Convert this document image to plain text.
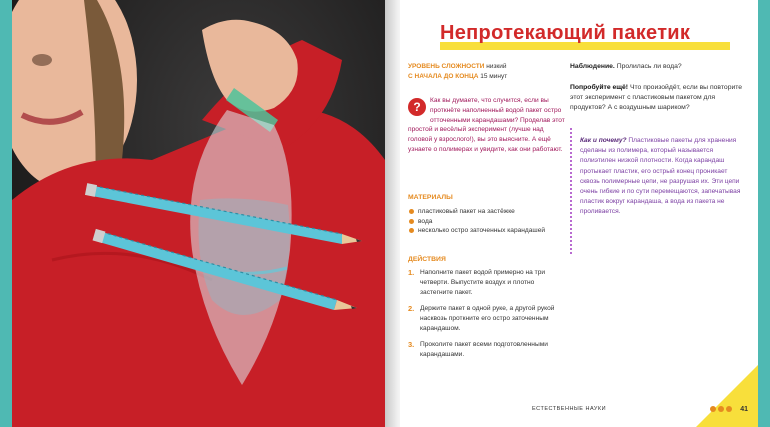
Непротекающий пакетик
УРОВЕНЬ СЛОЖНОСТИ низкий
С НАЧАЛА ДО КОНЦА 15 минут
?	Как вы думаете, что случится, если вы проткнёте наполненный водой пакет остро отточенными карандашами? Проделав этот простой и весёлый эксперимент (лучше над головой у взрослого!), вы это выясните. А ещё узнаете о полимерах и увидите, как они работают.
МАТЕРИАЛЫ
пластиковый пакет на застёжке
вода
несколько остро заточенных карандашей
ДЕЙСТВИЯ
1. Наполните пакет водой примерно на три четверти. Выпустите воздух и плотно застегните пакет.
2. Держите пакет в одной руке, а другой рукой насквозь проткните его остро заточенным карандашом.
3. Проколите пакет всеми подготовленными карандашами.
Наблюдение. Пролилась ли вода?
Попробуйте ещё! Что произойдёт, если вы повторите этот эксперимент с пластиковым пакетом для продуктов? А с воздушным шариком?
Как и почему? Пластиковые пакеты для хранения сделаны из полимера, который называется полиэтилен низкой плотности. Когда карандаш протыкает пластик, его острый конец проникает сквозь полимерные цепи, не разрушая их. Эти цепи очень гибкие и по сути перемещаются, запечатывая пластик вокруг карандаша, а вода из пакета не проливается.
ЕСТЕСТВЕННЫЕ НАУКИ	41
